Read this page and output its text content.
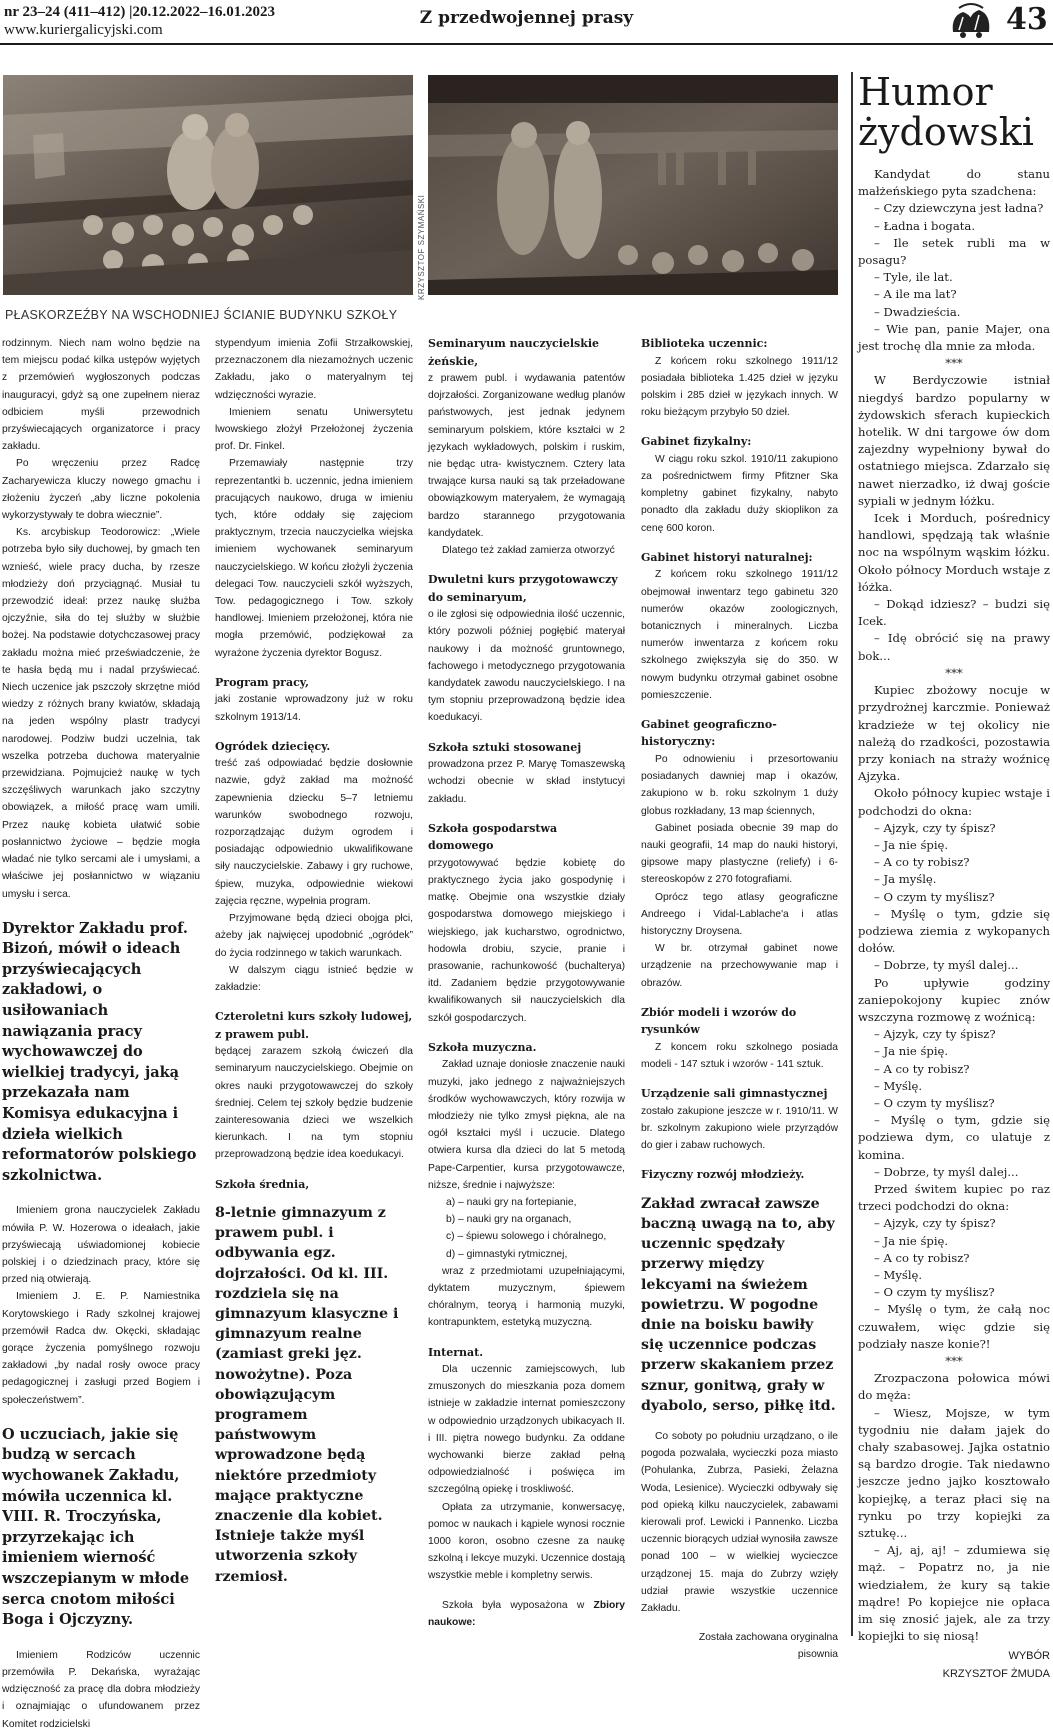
nr 23–24 (411–412) |20.12.2022–16.01.2023
www.kuriergalicyjski.com
Z przedwojennej prasy	43
KRZYSZTOF SZYMAŃSKI
PŁASKORZEŹBY NA WSCHODNIEJ ŚCIANIE BUDYNKU SZKOŁY

rodzinnym. Niech nam wolno będzie na tem miejscu podać kilka ustępów wyjętych z przemówień wygłoszonych podczas inauguracyi, gdyż są one zupełnem nieraz odbiciem myśli przewodnich przyświecających organizatorce i pracy zakładu.

Po wręczeniu przez Radcę Zacharyewicza kluczy nowego gmachu i złożeniu życzeń „aby liczne pokolenia wykorzystywały te dobra wiecznie”.

Ks. arcybiskup Teodorowicz: „Wiele potrzeba było siły duchowej, by gmach ten wznieść, wiele pracy ducha, by rzesze młodzieży doń przyciągnąć. Musiał tu przewodzić ideał: przez naukę służba ojczyźnie, siła do tej służby w służbie bożej. Na podstawie dotychczasowej pracy zakładu można mieć przeświadczenie, że te hasła będą mu i nadal przyświecać. Niech uczenice jak pszczoły skrzętne miód wiedzy z różnych brany kwiatów, składają na jeden wspólny plastr tradycyi narodowej. Podziw budzi uczelnia, tak wszelka potrzeba duchowa materyalnie przewidziana. Pojmujcież naukę w tych szczęśliwych warunkach jako szczytny obowiązek, a miłość pracę wam umili. Przez naukę kobieta ułatwić sobie posłannictwo życiowe – będzie mogła władać nie tylko sercami ale i umysłami, a właściwe jej posłannictwo w wiązaniu umysłu i serca.

Dyrektor Zakładu prof. Bizoń, mówił o ideach przyświecających zakładowi, o usiłowaniach nawiązania pracy wychowawczej do wielkiej tradycyi, jaką przekazała nam Komisya edukacyjna i dzieła wielkich reformatorów polskiego szkolnictwa.

Imieniem grona nauczycielek Zakładu mówiła P. W. Hozerowa o ideałach, jakie przyświecają uświadomionej kobiecie polskiej i o dziedzinach pracy, które się przed nią otwierają.

Imieniem J. E. P. Namiestnika Korytowskiego i Rady szkolnej krajowej przemówił Radca dw. Okęcki, składając gorące życzenia pomyślnego rozwoju zakładowi „by nadal rosły owoce pracy pedagogicznej i zasługi przed Bogiem i społeczeństwem”.

O uczuciach, jakie się budzą w sercach wychowanek Zakładu, mówiła uczennica kl. VIII. R. Troczyńska, przyrzekając ich imieniem wierność wszczepianym w młode serca cnotom miłości Boga i Ojczyzny.

Imieniem Rodziców uczennic przemówiła P. Dekańska, wyrażając wdzięczność za pracę dla dobra młodzieży i oznajmiając o ufundowanem przez Komitet rodzicielski

stypendyum imienia Zofii Strzałkowskiej, przeznaczonem dla niezamożnych uczenic Zakładu, jako o materyalnym tej wdzięczności wyrazie.

Imieniem senatu Uniwersytetu lwowskiego złożył Przełożonej życzenia prof. Dr. Finkel.

Przemawiały następnie trzy reprezentantki b. uczennic, jedna imieniem pracujących naukowo, druga w imieniu tych, które oddały się zajęciom praktycznym, trzecia nauczycielka wiejska imieniem wychowanek seminaryum nauczycielskiego. W końcu złożyli życzenia delegaci Tow. nauczycieli szkół wyższych, Tow. pedagogicznego i Tow. szkoły handlowej. Imieniem przełożonej, która nie mogła przemówić, podziękował za wyrażone życzenia dyrektor Bogusz.

Program pracy,

jaki zostanie wprowadzony już w roku szkolnym 1913/14.

Ogródek dziecięcy.

treść zaś odpowiadać będzie dosłownie nazwie, gdyż zakład ma możność zapewnienia dziecku 5–7 letniemu warunków swobodnego rozwoju, rozporządzając dużym ogrodem i posiadając odpowiednio ukwalifikowane siły nauczycielskie. Zabawy i gry ruchowe, śpiew, muzyka, odpowiednie wiekowi zajęcia ręczne, wypełnia program.

Przyjmowane będą dzieci obojga płci, ażeby jak najwięcej upodobnić „ogródek” do życia rodzinnego w takich warunkach.

W dalszym ciągu istnieć będzie w zakładzie:

Czteroletni kurs szkoły ludowej, z prawem publ.

będącej zarazem szkołą ćwiczeń dla seminaryum nauczycielskiego. Obejmie on okres nauki przygotowawczej do szkoły średniej. Celem tej szkoły będzie budzenie zainteresowania dzieci we wszelkich kierunkach. I na tym stopniu przeprowadzoną będzie idea koedukacyi.

Szkoła średnia,
8-letnie gimnazyum z prawem publ. i odbywania egz. dojrzałości. Od kl. III. rozdziela się na gimnazyum klasyczne i gimnazyum realne (zamiast greki jęz. nowożytne). Poza obowiązującym programem państwowym wprowadzone będą niektóre przedmioty mające praktyczne znaczenie dla kobiet. Istnieje także myśl utworzenia szkoły rzemiosł.
Seminaryum nauczycielskie żeńskie,

z prawem publ. i wydawania patentów dojrzałości. Zorganizowane według planów państwowych, jest jednak jedynem seminaryum polskiem, które kształci w 2 językach wykładowych, polskim i ruskim, nie będąc utra- kwistycznem. Cztery lata trwające kursa nauki są tak przeładowane obowiązkowym materyałem, że wymagają bardzo starannego przygotowania kandydatek.

Dlatego też zakład zamierza otworzyć

Dwuletni kurs przygotowawczy do seminaryum,

o ile zgłosi się odpowiednia ilość uczennic, który pozwoli później pogłębić materyał naukowy i da możność gruntownego, fachowego i metodycznego przygotowania kandydatek zawodu nauczycielskiego. I na tym stopniu przeprowadzoną będzie idea koedukacyi.

Szkoła sztuki stosowanej

prowadzona przez P. Maryę Tomaszewską wchodzi obecnie w skład instytucyi zakładu.

Szkoła gospodarstwa domowego

przygotowywać będzie kobietę do praktycznego życia jako gospodynię i matkę. Obejmie ona wszystkie działy gospodarstwa domowego miejskiego i wiejskiego, jak kucharstwo, ogrodnictwo, hodowla drobiu, szycie, pranie i prasowanie, rachunkowość (buchalterya) itd. Zadaniem będzie przygotowywanie kwalifikowanych sił nauczycielskich dla szkół gospodarczych.

Szkoła muzyczna.

Zakład uznaje doniosłe znaczenie nauki muzyki, jako jednego z najważniejszych środków wychowawczych, który rozwija w młodzieży nie tylko zmysł piękna, ale na ogół kształci myśl i uczucie. Dlatego otwiera kursa dla dzieci do lat 5 metodą Pape-Carpentier, kursa przygotowawcze, niższe, średnie i najwyższe:

a) – nauki gry na fortepianie,

b) – nauki gry na organach,

c) – śpiewu solowego i chóralnego,

d) – gimnastyki rytmicznej,

wraz z przedmiotami uzupełniającymi, dyktatem muzycznym, śpiewem chóralnym, teoryą i harmonią muzyki, kontrapunktem, estetyką muzyczną.

Internat.

Dla uczennic zamiejscowych, lub zmuszonych do mieszkania poza domem istnieje w zakładzie internat pomieszczony w odpowiednio urządzonych ubikacyach II. i III. piętra nowego budynku. Za oddane wychowanki bierze zakład pełną odpowiedzialność i poświęca im szczególną opiekę i troskliwość.

Opłata za utrzymanie, konwersacyę, pomoc w naukach i kąpiele wynosi rocznie 1000 koron, osobno czesne za naukę szkolną i lekcye muzyki. Uczennice dostają wszystkie meble i kompletny serwis.

Szkoła była wyposażona w Zbiory naukowe:

Biblioteka uczennic:

Z końcem roku szkolnego 1911/12 posiadała biblioteka 1.425 dzieł w języku polskim i 285 dzieł w językach innych. W roku bieżącym przybyło 50 dzieł.

Gabinet fizykalny:

W ciągu roku szkol. 1910/11 zakupiono za pośrednictwem firmy Pfitzner Ska kompletny gabinet fizykalny, nabyto ponadto dla zakładu duży skioplikon za cenę 600 koron.

Gabinet historyi naturalnej:

Z końcem roku szkolnego 1911/12 obejmował inwentarz tego gabinetu 320 numerów okazów zoologicznych, botanicznych i mineralnych. Liczba numerów inwentarza z końcem roku szkolnego zwiększyła się do 350. W nowym budynku otrzymał gabinet osobne pomieszczenie.

Gabinet geograficzno-historyczny:

Po odnowieniu i przesortowaniu posiadanych dawniej map i okazów, zakupiono w b. roku szkolnym 1 duży globus rozkładany, 13 map ściennych,

Gabinet posiada obecnie 39 map do nauki geografii, 14 map do nauki historyi, gipsowe mapy plastyczne (reliefy) i 6-stereoskopów z 270 fotografiami.

Oprócz tego atlasy geograficzne Andreego i Vidal-Lablache'a i atlas historyczny Droysena.

W br. otrzymał gabinet nowe urządzenie na przechowywanie map i obrazów.

Zbiór modeli i wzorów do rysunków

Z koncem roku szkolnego posiada modeli - 147 sztuk i wzorów - 141 sztuk.

Urządzenie sali gimnastycznej

zostało zakupione jeszcze w r. 1910/11. W br. szkolnym zakupiono wiele przyrządów do gier i zabaw ruchowych.

Fizyczny rozwój młodzieży.
Zakład zwracał zawsze baczną uwagą na to, aby uczennic spędzały przerwy między lekcyami na świeżem powietrzu. W pogodne dnie na boisku bawiły się uczennice podczas przerw skakaniem przez sznur, gonitwą, grały w dyabolo, serso, piłkę itd.

Co soboty po południu urządzano, o ile pogoda pozwalała, wycieczki poza miasto (Pohulanka, Zubrza, Pasieki, Żelazna Woda, Lesienice). Wycieczki odbywały się pod opieką kilku nauczycielek, zabawami kierowali prof. Lewicki i Pannenko. Liczba uczennic biorących udział wynosiła zawsze ponad 100 – w wielkiej wycieczce urządzonej 15. maja do Zubrzy wzięły udział prawie wszystkie uczennice Zakładu.

Została zachowana oryginalna

pisownia

Humor
żydowski

Kandydat do stanu małżeńskiego pyta szadchena:

– Czy dziewczyna jest ładna?

– Ładna i bogata.

– Ile setek rubli ma w posagu?

– Tyle, ile lat.

– A ile ma lat?

– Dwadzieścia.

– Wie pan, panie Majer, ona jest trochę dla mnie za młoda.

***

W Berdyczowie istniał niegdyś bardzo popularny w żydowskich sferach kupieckich hotelik. W dni targowe ów dom zajezdny wypełniony bywał do ostatniego miejsca. Zdarzało się nawet nierzadko, iż dwaj goście sypiali w jednym łóżku.

Icek i Morduch, pośrednicy handlowi, spędzają tak właśnie noc na wspólnym wąskim łóżku. Około północy Morduch wstaje z łóżka.

– Dokąd idziesz? – budzi się Icek.

– Idę obrócić się na prawy bok...

***

Kupiec zbożowy nocuje w przydrożnej karczmie. Ponieważ kradzieże w tej okolicy nie należą do rzadkości, pozostawia przy koniach na straży woźnicę Ajzyka.

Około północy kupiec wstaje i podchodzi do okna:

– Ajzyk, czy ty śpisz?

– Ja nie śpię.

– A co ty robisz?

– Ja myślę.

– O czym ty myślisz?

– Myślę o tym, gdzie się podziewa ziemia z wykopanych dołów.

– Dobrze, ty myśl dalej...

Po upływie godziny zaniepokojony kupiec znów wszczyna rozmowę z woźnicą:

– Ajzyk, czy ty śpisz?

– Ja nie śpię.

– A co ty robisz?

– Myślę.

– O czym ty myślisz?

– Myślę o tym, gdzie się podziewa dym, co ulatuje z komina.

– Dobrze, ty myśl dalej...

Przed świtem kupiec po raz trzeci podchodzi do okna:

– Ajzyk, czy ty śpisz?

– Ja nie śpię.

– A co ty robisz?

– Myślę.

– O czym ty myślisz?

– Myślę o tym, że całą noc czuwałem, więc gdzie się podziały nasze konie?!

***

Zrozpaczona połowica mówi do męża:

– Wiesz, Mojsze, w tym tygodniu nie dałam jajek do chały szabasowej. Jajka ostatnio są bardzo drogie. Tak niedawno jeszcze jedno jajko kosztowało kopiejkę, a teraz płaci się na rynku po trzy kopiejki za sztukę...

– Aj, aj, aj! – zdumiewa się mąż. – Popatrz no, ja nie wiedziałem, że kury są takie mądre! Po kopiejce nie opłaca im się znosić jajek, ale za trzy kopiejki to się niosą!

WYBÓR

KRZYSZTOF ŻMUDA
